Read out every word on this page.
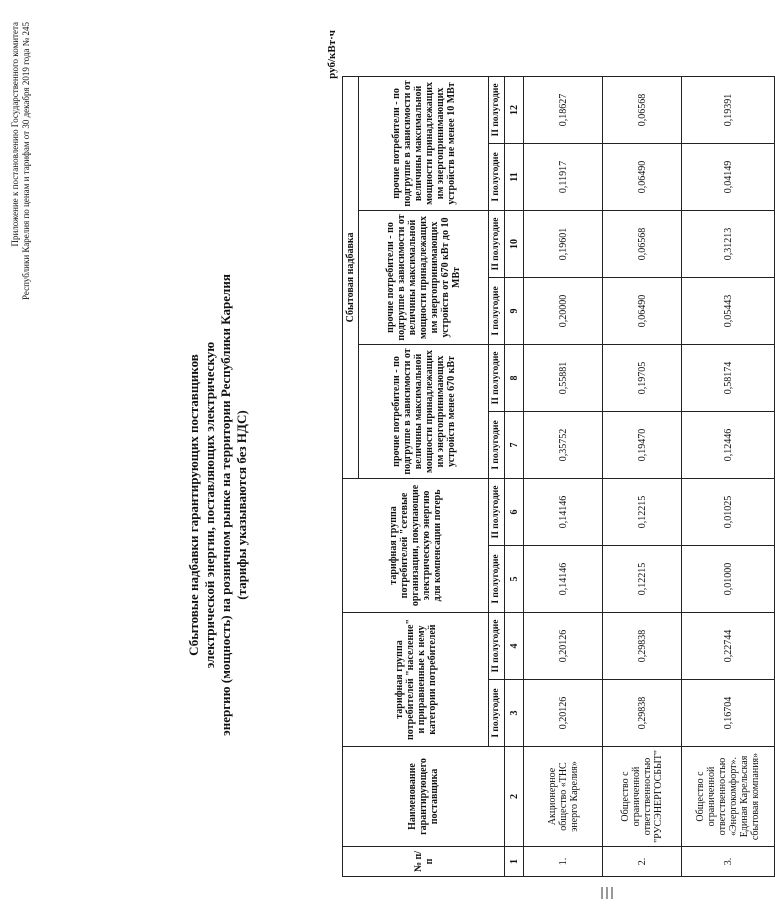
Приложение к постановлению Государственного комитета Республики Карелия по ценам и тарифам от 30 декабря 2019 года № 245
Сбытовые надбавки гарантирующих поставщиков электрической энергии, поставляющих электрическую энергию (мощность) на розничном рынке на территории Республики Карелия (тарифы указываются без НДС)
руб/кВт·ч
№ п/п	Наименование гарантирующего поставщика	тарифная группа потребителей "население" и приравненные к нему категории потребителей		тарифная группа потребителей "сетевые организации, покупающие электрическую энергию для компенсации потерь		Сбытовая надбавка					
						прочие потребители - по подгруппе в зависимости от величины максимальной мощности принадлежащих им энергопринимающих устройств менее 670 кВт		прочие потребители - по подгруппе в зависимости от величины максимальной мощности принадлежащих им энергопринимающих устройств от 670 кВт до 10 МВт		прочие потребители - по подгруппе в зависимости от величины максимальной мощности принадлежащих им энергопринимающих устройств не менее 10 МВт	
		I полугодие	II полугодие	I полугодие	II полугодие	I полугодие	II полугодие	I полугодие	II полугодие	I полугодие	II полугодие
1	2	3	4	5	6	7	8	9	10	11	12
1.	Акционерное общество «ТНС энерго Карелия»	0,20126	0,20126	0,14146	0,14146	0,35752	0,55881	0,20000	0,19601	0,11917	0,18627
2.	Общество с ограниченной ответственностью "РУСЭНЕРГОСБЫТ"	0,29838	0,29838	0,12215	0,12215	0,19470	0,19705	0,06490	0,06568	0,06490	0,06568
3.	Общество с ограниченной ответственностью «Энергокомфорт». Единая Карельская сбытовая компания»	0,16704	0,22744	0,01000	0,01025	0,12446	0,58174	0,05443	0,31213	0,04149	0,19391
